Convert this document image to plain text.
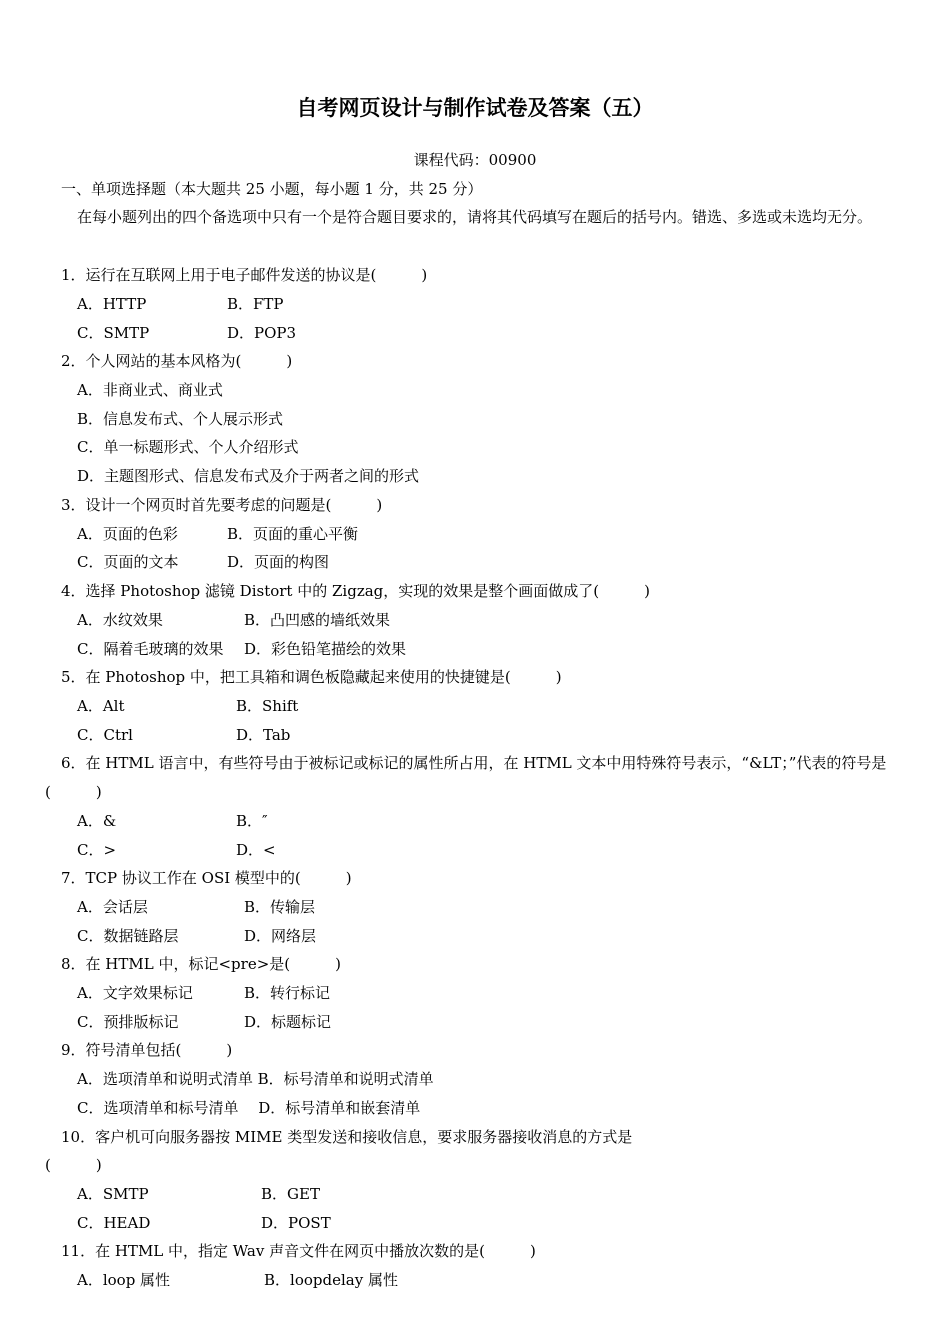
自考网页设计与制作试卷及答案（五）
课程代码：00900
一、单项选择题（本大题共 25 小题，每小题 1 分，共 25 分）
在每小题列出的四个备选项中只有一个是符合题目要求的，请将其代码填写在题后的括号内。错选、多选或未选均无分。
1．运行在互联网上用于电子邮件发送的协议是(　　　)
A．HTTP	B．FTP
C．SMTP	D．POP3
2．个人网站的基本风格为(　　　)
A．非商业式、商业式
B．信息发布式、个人展示形式
C．单一标题形式、个人介绍形式
D．主题图形式、信息发布式及介于两者之间的形式
3．设计一个网页时首先要考虑的问题是(　　　)
A．页面的色彩	B．页面的重心平衡
C．页面的文本	D．页面的构图
4．选择 Photoshop 滤镜 Distort 中的 Zigzag，实现的效果是整个画面做成了(　　　)
A．水纹效果	B．凸凹感的墙纸效果
C．隔着毛玻璃的效果 D．彩色铅笔描绘的效果
5．在 Photoshop 中，把工具箱和调色板隐藏起来使用的快捷键是(　　　)
A．Alt	B．Shift
C．Ctrl	D．Tab
6．在 HTML 语言中，有些符号由于被标记或标记的属性所占用，在 HTML 文本中用特殊符号表示，“&LT；”代表的符号是(　　　)
A．&	B．″
C．>	D．<
7．TCP 协议工作在 OSI 模型中的(　　　)
A．会话层	B．传输层
C．数据链路层	D．网络层
8．在 HTML 中，标记<pre>是(　　　)
A．文字效果标记	B．转行标记
C．预排版标记	D．标题标记
9．符号清单包括(　　　)
A．选项清单和说明式清单 B．标号清单和说明式清单
C．选项清单和标号清单　 D．标号清单和嵌套清单
10．客户机可向服务器按 MIME 类型发送和接收信息，要求服务器接收消息的方式是
(　　　)
A．SMTP	B．GET
C．HEAD	D．POST
11．在 HTML 中，指定 Wav 声音文件在网页中播放次数的是(　　　)
A．loop 属性	B．loopdelay 属性
